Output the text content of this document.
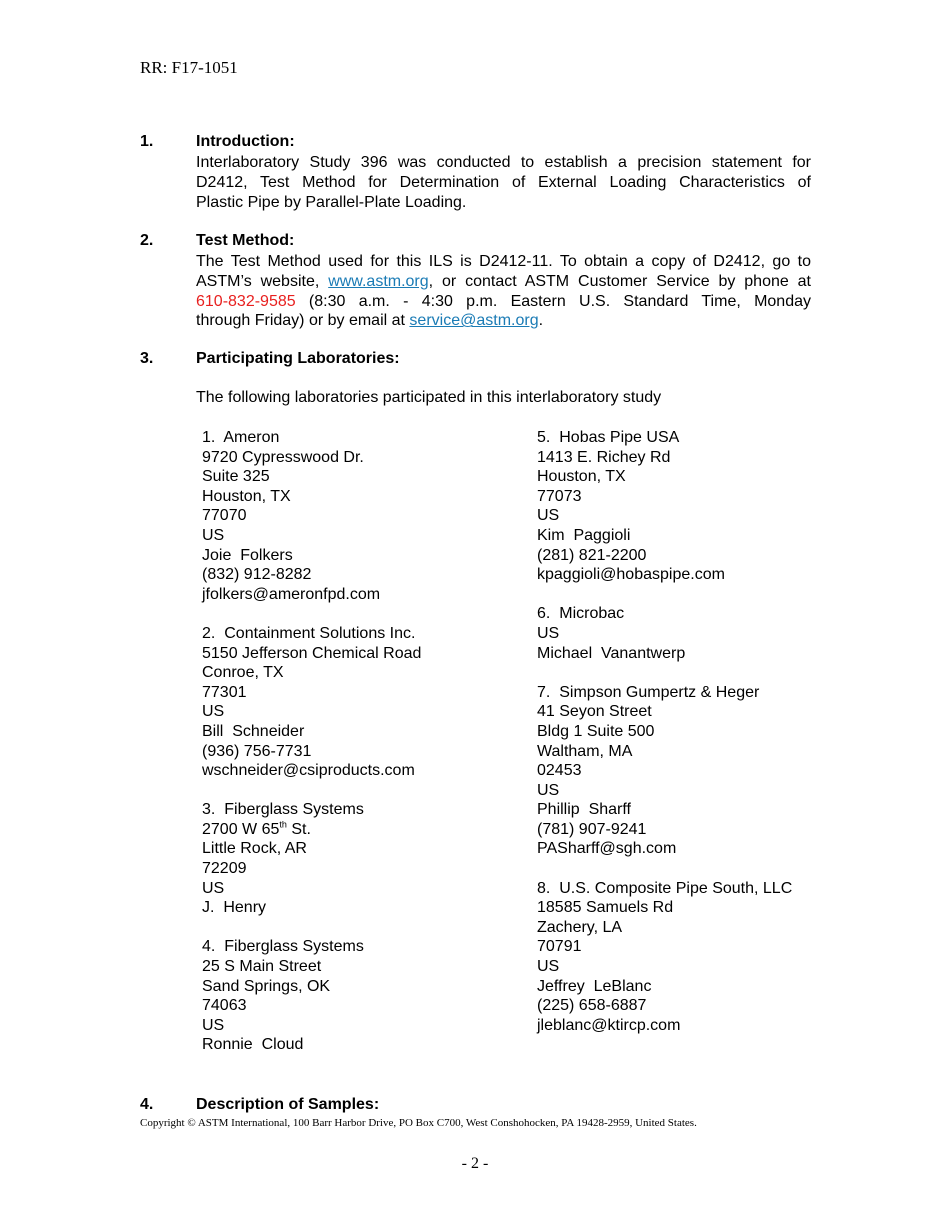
RR: F17-1051
1.	Introduction:
Interlaboratory Study 396 was conducted to establish a precision statement for
D2412, Test Method for Determination of External Loading Characteristics of
Plastic Pipe by Parallel-Plate Loading.
2.	Test Method:
The Test Method used for this ILS is D2412-11. To obtain a copy of D2412, go to
ASTM’s website, www.astm.org, or contact ASTM Customer Service by phone at
610-832-9585 (8:30 a.m. - 4:30 p.m. Eastern U.S. Standard Time, Monday
through Friday) or by email at service@astm.org.
3.	Participating Laboratories:
The following laboratories participated in this interlaboratory study
1.  Ameron
9720 Cypresswood Dr.
Suite 325
Houston, TX
77070
US
Joie  Folkers
(832) 912-8282
jfolkers@ameronfpd.com
2.  Containment Solutions Inc.
5150 Jefferson Chemical Road
Conroe, TX
77301
US
Bill  Schneider
(936) 756-7731
wschneider@csiproducts.com
3.  Fiberglass Systems
2700 W 65th St.
Little Rock, AR
72209
US
J.  Henry
4.  Fiberglass Systems
25 S Main Street
Sand Springs, OK
74063
US
Ronnie  Cloud
5.  Hobas Pipe USA
1413 E. Richey Rd
Houston, TX
77073
US
Kim  Paggioli
(281) 821-2200
kpaggioli@hobaspipe.com
6.  Microbac
US
Michael  Vanantwerp
7.  Simpson Gumpertz & Heger
41 Seyon Street
Bldg 1 Suite 500
Waltham, MA
02453
US
Phillip  Sharff
(781) 907-9241
PASharff@sgh.com
8.  U.S. Composite Pipe South, LLC
18585 Samuels Rd
Zachery, LA
70791
US
Jeffrey  LeBlanc
(225) 658-6887
jleblanc@ktircp.com
4.	Description of Samples:
Copyright © ASTM International, 100 Barr Harbor Drive, PO Box C700, West Conshohocken, PA 19428-2959, United States.
- 2 -
